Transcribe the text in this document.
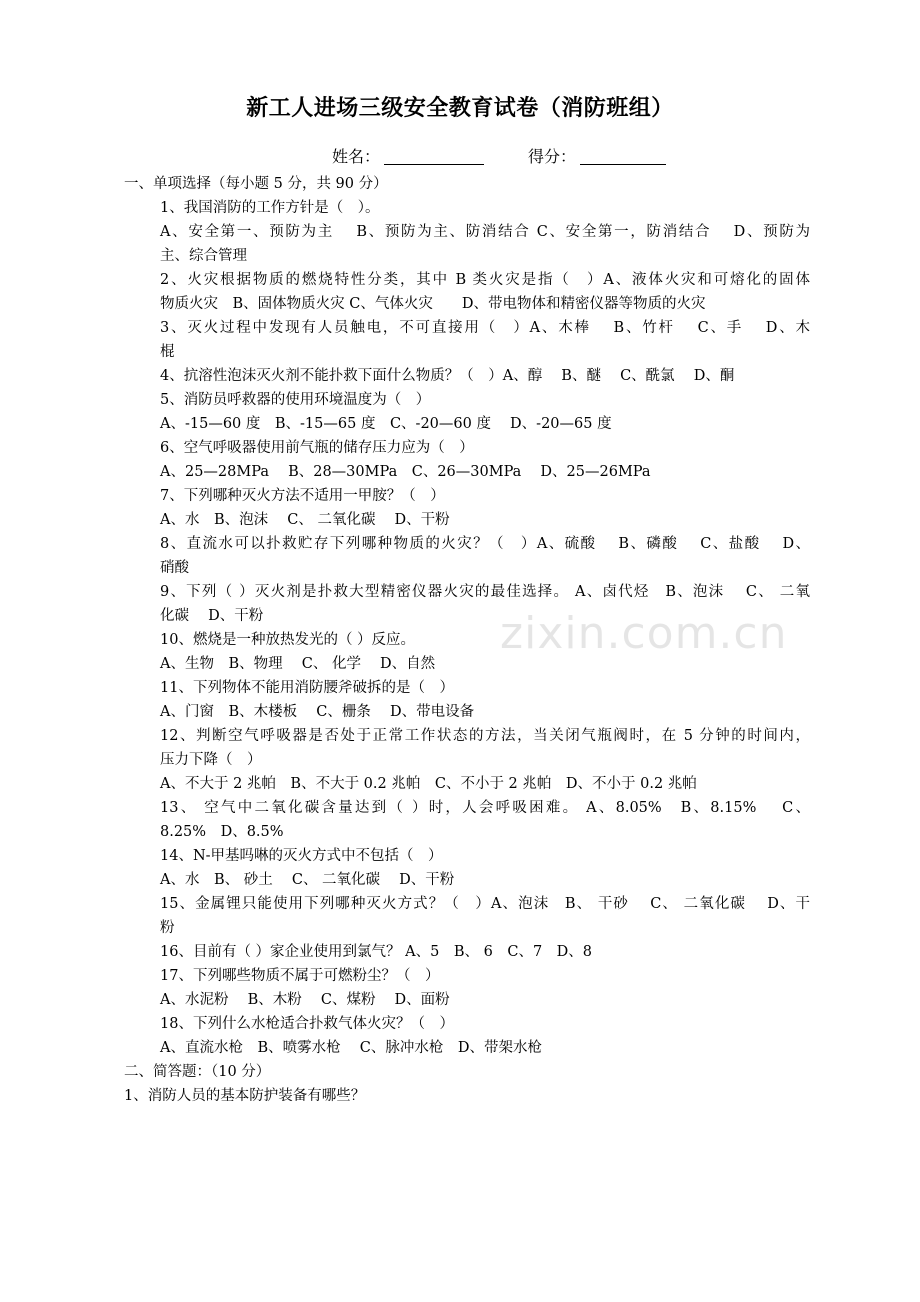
新工人进场三级安全教育试卷（消防班组）
姓名：	得分：
zixin.com.cn
一、单项选择（每小题 5 分，共 90 分）
1、我国消防的工作方针是（　）。
A、安全第一、预防为主　 B、预防为主、防消结合 C、安全第一，防消结合　 D、预防为
主、综合管理
2、火灾根据物质的燃烧特性分类，其中 B 类火灾是指（　）A、液体火灾和可熔化的固体
物质火灾　B、固体物质火灾 C、气体火灾　　D、带电物体和精密仪器等物质的火灾
3、灭火过程中发现有人员触电，不可直接用（　）A、木棒　 B、竹杆　 C、手　 D、木
棍
4、抗溶性泡沫灭火剂不能扑救下面什么物质？（　）A、醇　 B、醚　 C、酰氯　 D、酮
5、消防员呼救器的使用环境温度为（　）
A、-15—60 度　B、-15—65 度　C、-20—60 度　 D、-20—65 度
6、空气呼吸器使用前气瓶的储存压力应为（　）
A、25—28MPa　 B、28—30MPa　C、26—30MPa　 D、25—26MPa
7、下列哪种灭火方法不适用一甲胺？（　）
A、水　B、泡沫　 C、 二氧化碳　 D、干粉
8、直流水可以扑救贮存下列哪种物质的火灾？（　）A、硫酸　 B、磷酸　 C、盐酸　 D、
硝酸
9、下列（ ）灭火剂是扑救大型精密仪器火灾的最佳选择。 A、卤代烃　B、泡沫　 C、 二氧
化碳　 D、干粉
10、燃烧是一种放热发光的（ ）反应。
A、生物　B、物理　 C、 化学　 D、自然
11、下列物体不能用消防腰斧破拆的是（　）
A、门窗　B、木楼板　 C、栅条　 D、带电设备
12、判断空气呼吸器是否处于正常工作状态的方法，当关闭气瓶阀时，在 5 分钟的时间内，
压力下降（　）
A、不大于 2 兆帕　B、不大于 0.2 兆帕　C、不小于 2 兆帕　D、不小于 0.2 兆帕
13、 空气中二氧化碳含量达到（ ）时，人会呼吸困难。 A、8.05%　B、8.15%　 C、
8.25%　D、8.5%
14、N-甲基吗啉的灭火方式中不包括（　）
A、水　B、 砂土　 C、 二氧化碳　 D、干粉
15、金属锂只能使用下列哪种灭火方式？（　）A、泡沫　B、 干砂　 C、 二氧化碳　 D、干
粉
16、目前有（ ）家企业使用到氯气？ A、5　B、 6　C、7　D、8
17、下列哪些物质不属于可燃粉尘？（　）
A、水泥粉　 B、木粉　 C、煤粉　 D、面粉
18、下列什么水枪适合扑救气体火灾？（　）
A、直流水枪　B、喷雾水枪　 C、脉冲水枪　D、带架水枪
二、简答题：（10 分）
1、消防人员的基本防护装备有哪些？
